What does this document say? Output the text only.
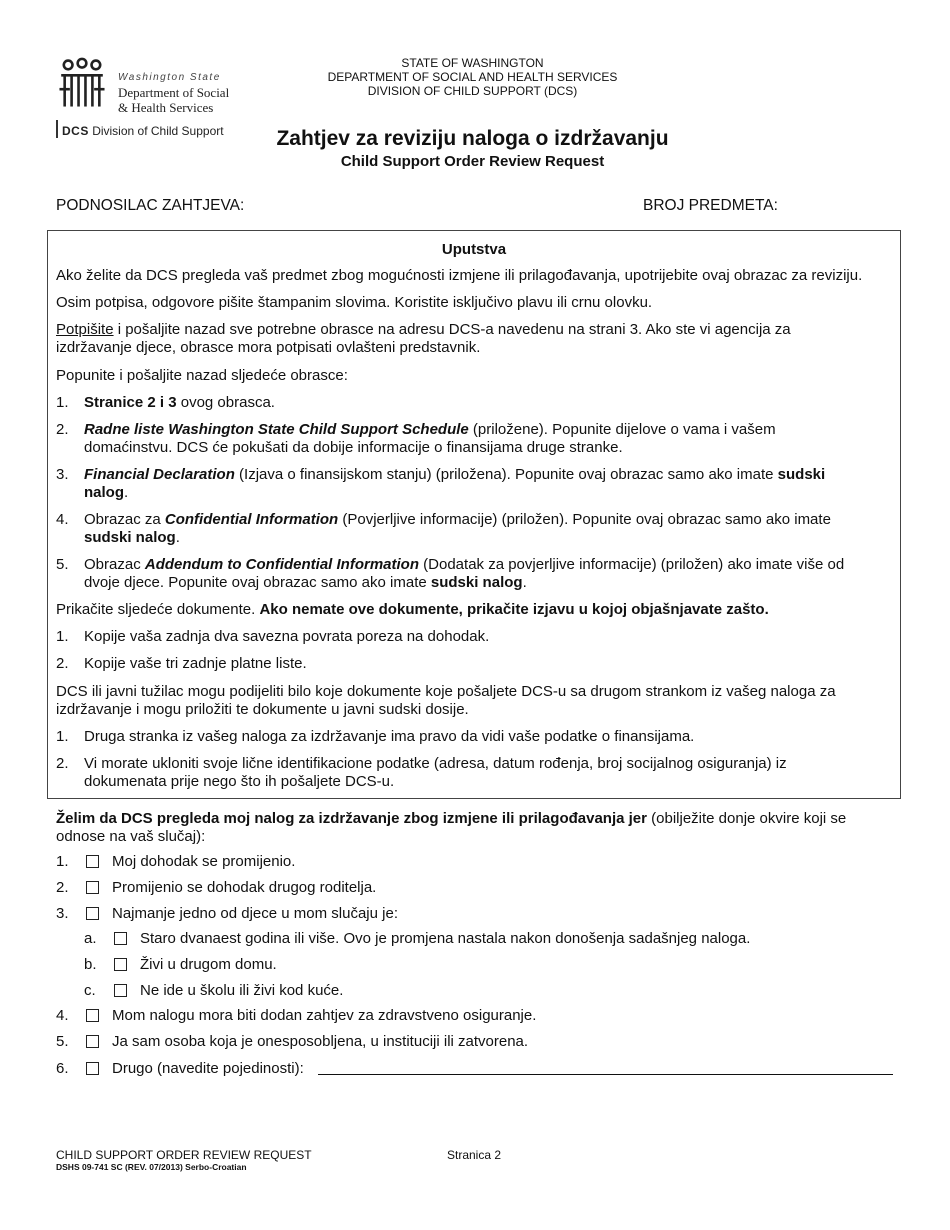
Washington State
Department of Social
& Health Services
DCS Division of Child Support
STATE OF WASHINGTON
DEPARTMENT OF SOCIAL AND HEALTH SERVICES
DIVISION OF CHILD SUPPORT (DCS)
Zahtjev za reviziju naloga o izdržavanju
Child Support Order Review Request
PODNOSILAC ZAHTJEVA:	BROJ PREDMETA:
Uputstva
Ako želite da DCS pregleda vaš predmet zbog mogućnosti izmjene ili prilagođavanja, upotrijebite ovaj obrazac za reviziju.
Osim potpisa, odgovore pišite štampanim slovima. Koristite isključivo plavu ili crnu olovku.
Potpišite i pošaljite nazad sve potrebne obrasce na adresu DCS-a navedenu na strani 3. Ako ste vi agencija za
izdržavanje djece, obrasce mora potpisati ovlašteni predstavnik.
Popunite i pošaljite nazad sljedeće obrasce:
1. Stranice 2 i 3 ovog obrasca.
2. Radne liste Washington State Child Support Schedule (priložene). Popunite dijelove o vama i vašem
domaćinstvu. DCS će pokušati da dobije informacije o finansijama druge stranke.
3. Financial Declaration (Izjava o finansijskom stanju) (priložena). Popunite ovaj obrazac samo ako imate sudski
nalog.
4. Obrazac za Confidential Information (Povjerljive informacije) (priložen). Popunite ovaj obrazac samo ako imate
sudski nalog.
5. Obrazac Addendum to Confidential Information (Dodatak za povjerljive informacije) (priložen) ako imate više od
dvoje djece. Popunite ovaj obrazac samo ako imate sudski nalog.
Prikačite sljedeće dokumente. Ako nemate ove dokumente, prikačite izjavu u kojoj objašnjavate zašto.
1. Kopije vaša zadnja dva savezna povrata poreza na dohodak.
2. Kopije vaše tri zadnje platne liste.
DCS ili javni tužilac mogu podijeliti bilo koje dokumente koje pošaljete DCS-u sa drugom strankom iz vašeg naloga za
izdržavanje i mogu priložiti te dokumente u javni sudski dosije.
1. Druga stranka iz vašeg naloga za izdržavanje ima pravo da vidi vaše podatke o finansijama.
2. Vi morate ukloniti svoje lične identifikacione podatke (adresa, datum rođenja, broj socijalnog osiguranja) iz
dokumenata prije nego što ih pošaljete DCS-u.
Želim da DCS pregleda moj nalog za izdržavanje zbog izmjene ili prilagođavanja jer (obilježite donje okvire koji se
odnose na vaš slučaj):
1.	Moj dohodak se promijenio.
2.	Promijenio se dohodak drugog roditelja.
3.	Najmanje jedno od djece u mom slučaju je:
a.	Staro dvanaest godina ili više. Ovo je promjena nastala nakon donošenja sadašnjeg naloga.
b.	Živi u drugom domu.
c.	Ne ide u školu ili živi kod kuće.
4.	Mom nalogu mora biti dodan zahtjev za zdravstveno osiguranje.
5.	Ja sam osoba koja je onesposobljena, u instituciji ili zatvorena.
6.	Drugo (navedite pojedinosti):
CHILD SUPPORT ORDER REVIEW REQUEST
DSHS 09-741 SC (REV. 07/2013) Serbo-Croatian
Stranica 2
